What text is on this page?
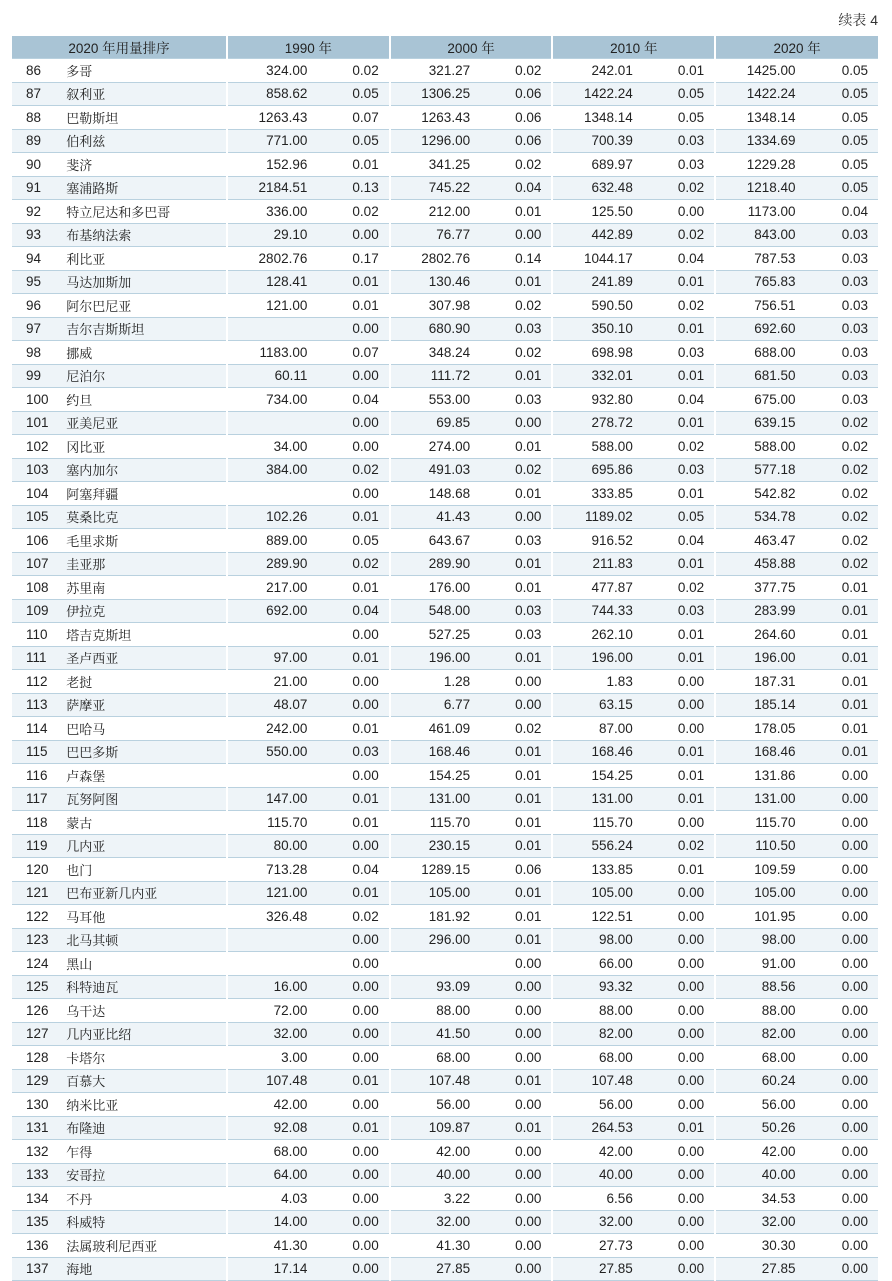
续表 4
2020 年用量排序		1990 年		2000 年		2010 年		2020 年	
86	多哥	324.00	0.02	321.27	0.02	242.01	0.01	1425.00	0.05
87	叙利亚	858.62	0.05	1306.25	0.06	1422.24	0.05	1422.24	0.05
88	巴勒斯坦	1263.43	0.07	1263.43	0.06	1348.14	0.05	1348.14	0.05
89	伯利兹	771.00	0.05	1296.00	0.06	700.39	0.03	1334.69	0.05
90	斐济	152.96	0.01	341.25	0.02	689.97	0.03	1229.28	0.05
91	塞浦路斯	2184.51	0.13	745.22	0.04	632.48	0.02	1218.40	0.05
92	特立尼达和多巴哥	336.00	0.02	212.00	0.01	125.50	0.00	1173.00	0.04
93	布基纳法索	29.10	0.00	76.77	0.00	442.89	0.02	843.00	0.03
94	利比亚	2802.76	0.17	2802.76	0.14	1044.17	0.04	787.53	0.03
95	马达加斯加	128.41	0.01	130.46	0.01	241.89	0.01	765.83	0.03
96	阿尔巴尼亚	121.00	0.01	307.98	0.02	590.50	0.02	756.51	0.03
97	吉尔吉斯斯坦		0.00	680.90	0.03	350.10	0.01	692.60	0.03
98	挪威	1183.00	0.07	348.24	0.02	698.98	0.03	688.00	0.03
99	尼泊尔	60.11	0.00	111.72	0.01	332.01	0.01	681.50	0.03
100	约旦	734.00	0.04	553.00	0.03	932.80	0.04	675.00	0.03
101	亚美尼亚		0.00	69.85	0.00	278.72	0.01	639.15	0.02
102	冈比亚	34.00	0.00	274.00	0.01	588.00	0.02	588.00	0.02
103	塞内加尔	384.00	0.02	491.03	0.02	695.86	0.03	577.18	0.02
104	阿塞拜疆		0.00	148.68	0.01	333.85	0.01	542.82	0.02
105	莫桑比克	102.26	0.01	41.43	0.00	1189.02	0.05	534.78	0.02
106	毛里求斯	889.00	0.05	643.67	0.03	916.52	0.04	463.47	0.02
107	圭亚那	289.90	0.02	289.90	0.01	211.83	0.01	458.88	0.02
108	苏里南	217.00	0.01	176.00	0.01	477.87	0.02	377.75	0.01
109	伊拉克	692.00	0.04	548.00	0.03	744.33	0.03	283.99	0.01
110	塔吉克斯坦		0.00	527.25	0.03	262.10	0.01	264.60	0.01
111	圣卢西亚	97.00	0.01	196.00	0.01	196.00	0.01	196.00	0.01
112	老挝	21.00	0.00	1.28	0.00	1.83	0.00	187.31	0.01
113	萨摩亚	48.07	0.00	6.77	0.00	63.15	0.00	185.14	0.01
114	巴哈马	242.00	0.01	461.09	0.02	87.00	0.00	178.05	0.01
115	巴巴多斯	550.00	0.03	168.46	0.01	168.46	0.01	168.46	0.01
116	卢森堡		0.00	154.25	0.01	154.25	0.01	131.86	0.00
117	瓦努阿图	147.00	0.01	131.00	0.01	131.00	0.01	131.00	0.00
118	蒙古	115.70	0.01	115.70	0.01	115.70	0.00	115.70	0.00
119	几内亚	80.00	0.00	230.15	0.01	556.24	0.02	110.50	0.00
120	也门	713.28	0.04	1289.15	0.06	133.85	0.01	109.59	0.00
121	巴布亚新几内亚	121.00	0.01	105.00	0.01	105.00	0.00	105.00	0.00
122	马耳他	326.48	0.02	181.92	0.01	122.51	0.00	101.95	0.00
123	北马其顿		0.00	296.00	0.01	98.00	0.00	98.00	0.00
124	黑山		0.00		0.00	66.00	0.00	91.00	0.00
125	科特迪瓦	16.00	0.00	93.09	0.00	93.32	0.00	88.56	0.00
126	乌干达	72.00	0.00	88.00	0.00	88.00	0.00	88.00	0.00
127	几内亚比绍	32.00	0.00	41.50	0.00	82.00	0.00	82.00	0.00
128	卡塔尔	3.00	0.00	68.00	0.00	68.00	0.00	68.00	0.00
129	百慕大	107.48	0.01	107.48	0.01	107.48	0.00	60.24	0.00
130	纳米比亚	42.00	0.00	56.00	0.00	56.00	0.00	56.00	0.00
131	布隆迪	92.08	0.01	109.87	0.01	264.53	0.01	50.26	0.00
132	乍得	68.00	0.00	42.00	0.00	42.00	0.00	42.00	0.00
133	安哥拉	64.00	0.00	40.00	0.00	40.00	0.00	40.00	0.00
134	不丹	4.03	0.00	3.22	0.00	6.56	0.00	34.53	0.00
135	科威特	14.00	0.00	32.00	0.00	32.00	0.00	32.00	0.00
136	法属玻利尼西亚	41.30	0.00	41.30	0.00	27.73	0.00	30.30	0.00
137	海地	17.14	0.00	27.85	0.00	27.85	0.00	27.85	0.00
